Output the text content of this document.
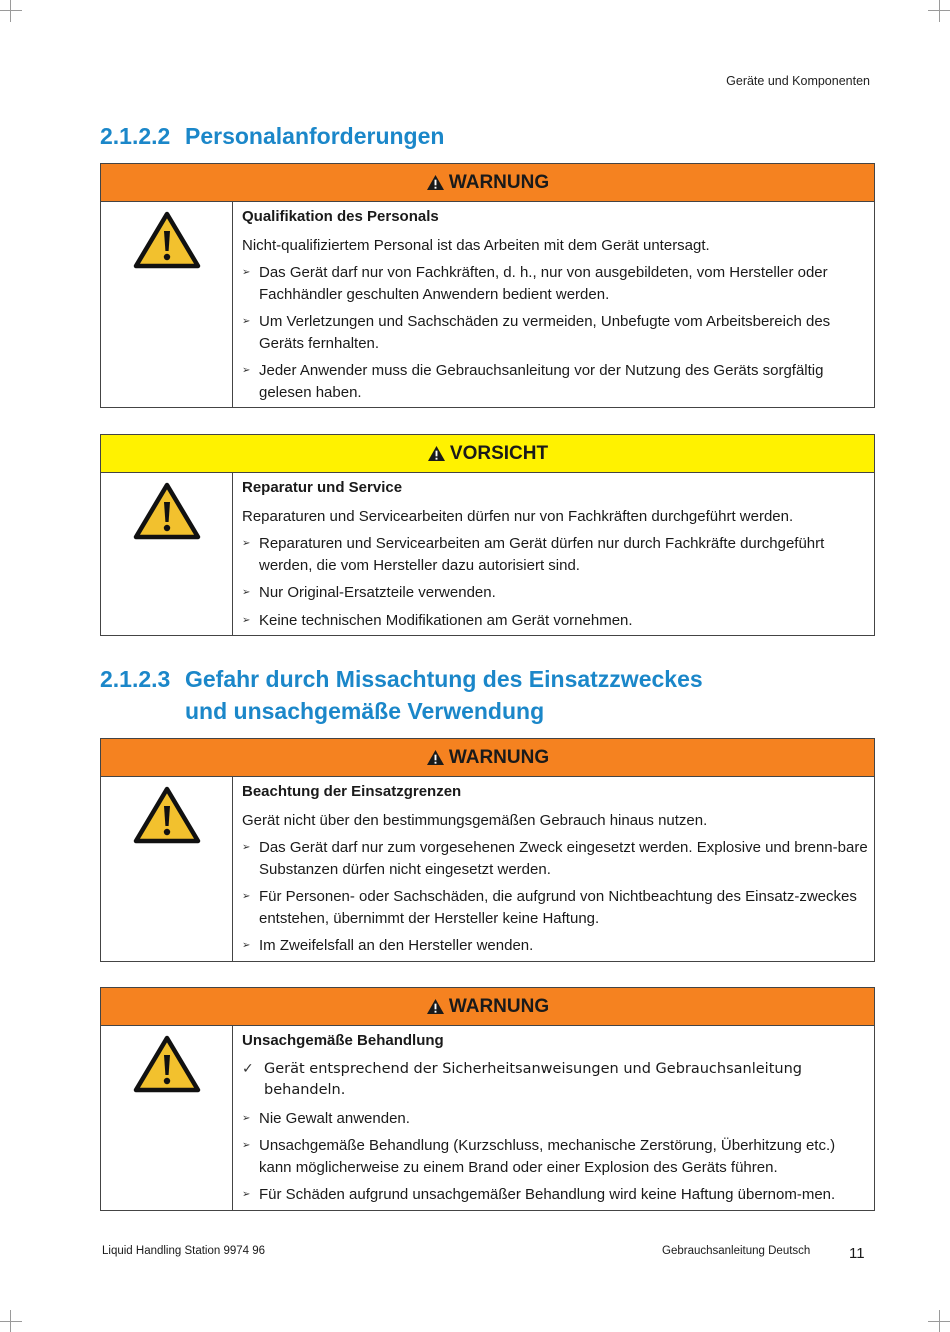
Geräte und Komponenten
2.1.2.2 Personalanforderungen
WARNUNG
Qualifikation des Personals
Nicht-qualifiziertem Personal ist das Arbeiten mit dem Gerät untersagt.
➢ Das Gerät darf nur von Fachkräften, d. h., nur von ausgebildeten, vom Hersteller oder Fachhändler geschulten Anwendern bedient werden.
➢ Um Verletzungen und Sachschäden zu vermeiden, Unbefugte vom Arbeitsbereich des Geräts fernhalten.
➢ Jeder Anwender muss die Gebrauchsanleitung vor der Nutzung des Geräts sorgfältig gelesen haben.
VORSICHT
Reparatur und Service
Reparaturen und Servicearbeiten dürfen nur von Fachkräften durchgeführt werden.
➢ Reparaturen und Servicearbeiten am Gerät dürfen nur durch Fachkräfte durchgeführt werden, die vom Hersteller dazu autorisiert sind.
➢ Nur Original-Ersatzteile verwenden.
➢ Keine technischen Modifikationen am Gerät vornehmen.
2.1.2.3 Gefahr durch Missachtung des Einsatzzweckes und unsachgemäße Verwendung
WARNUNG
Beachtung der Einsatzgrenzen
Gerät nicht über den bestimmungsgemäßen Gebrauch hinaus nutzen.
➢ Das Gerät darf nur zum vorgesehenen Zweck eingesetzt werden. Explosive und brenn-bare Substanzen dürfen nicht eingesetzt werden.
➢ Für Personen- oder Sachschäden, die aufgrund von Nichtbeachtung des Einsatz-zweckes entstehen, übernimmt der Hersteller keine Haftung.
➢ Im Zweifelsfall an den Hersteller wenden.
WARNUNG
Unsachgemäße Behandlung
✓ Gerät entsprechend der Sicherheitsanweisungen und Gebrauchsanleitung behandeln.
➢ Nie Gewalt anwenden.
➢ Unsachgemäße Behandlung (Kurzschluss, mechanische Zerstörung, Überhitzung etc.) kann möglicherweise zu einem Brand oder einer Explosion des Geräts führen.
➢ Für Schäden aufgrund unsachgemäßer Behandlung wird keine Haftung übernom-men.
Liquid Handling Station 9974 96	Gebrauchsanleitung Deutsch	11
